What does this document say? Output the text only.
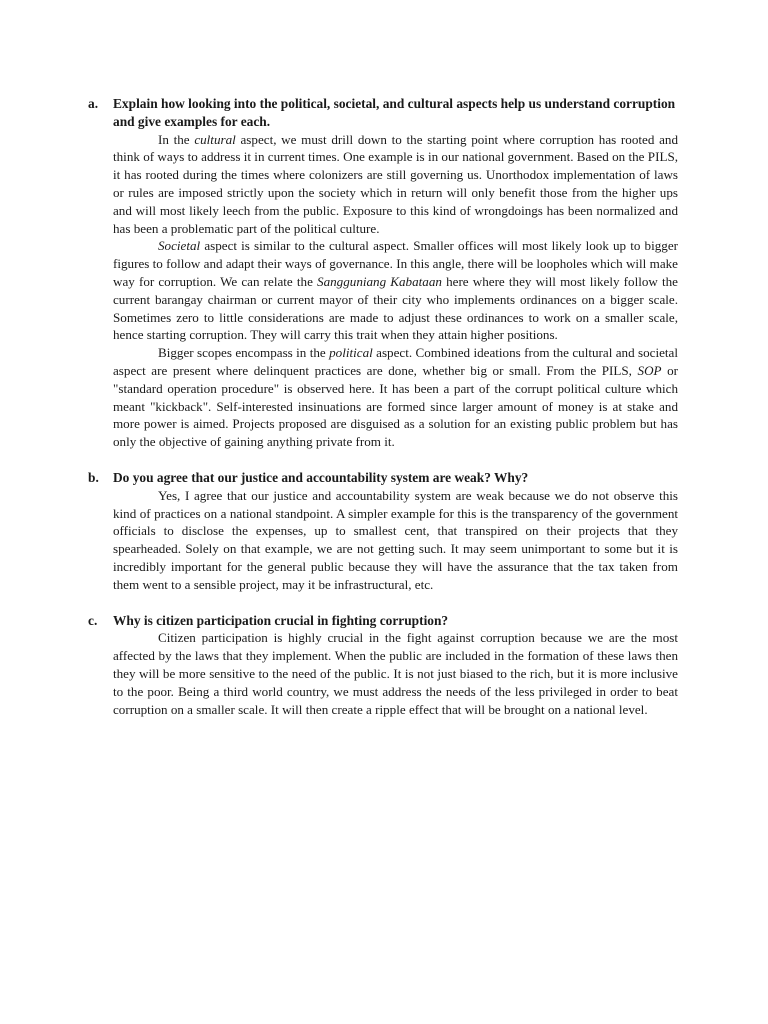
a.	Explain how looking into the political, societal, and cultural aspects help us understand corruption and give examples for each.

In the cultural aspect, we must drill down to the starting point where corruption has rooted and think of ways to address it in current times. One example is in our national government. Based on the PILS, it has rooted during the times where colonizers are still governing us. Unorthodox implementation of laws or rules are imposed strictly upon the society which in return will only benefit those from the higher ups and will most likely leech from the public. Exposure to this kind of wrongdoings has been normalized and has been a problematic part of the political culture.

Societal aspect is similar to the cultural aspect. Smaller offices will most likely look up to bigger figures to follow and adapt their ways of governance. In this angle, there will be loopholes which will make way for corruption. We can relate the Sangguniang Kabataan here where they will most likely follow the current barangay chairman or current mayor of their city who implements ordinances on a bigger scale. Sometimes zero to little considerations are made to adjust these ordinances to work on a smaller scale, hence starting corruption. They will carry this trait when they attain higher positions.

Bigger scopes encompass in the political aspect. Combined ideations from the cultural and societal aspect are present where delinquent practices are done, whether big or small. From the PILS, SOP or "standard operation procedure" is observed here. It has been a part of the corrupt political culture which meant "kickback". Self-interested insinuations are formed since larger amount of money is at stake and more power is aimed. Projects proposed are disguised as a solution for an existing public problem but has only the objective of gaining anything private from it.

b.	Do you agree that our justice and accountability system are weak? Why?

Yes, I agree that our justice and accountability system are weak because we do not observe this kind of practices on a national standpoint. A simpler example for this is the transparency of the government officials to disclose the expenses, up to smallest cent, that transpired on their projects that they spearheaded. Solely on that example, we are not getting such. It may seem unimportant to some but it is incredibly important for the general public because they will have the assurance that the tax taken from them went to a sensible project, may it be infrastructural, etc.

c.	Why is citizen participation crucial in fighting corruption?

Citizen participation is highly crucial in the fight against corruption because we are the most affected by the laws that they implement. When the public are included in the formation of these laws then they will be more sensitive to the need of the public. It is not just biased to the rich, but it is more inclusive to the poor. Being a third world country, we must address the needs of the less privileged in order to beat corruption on a smaller scale. It will then create a ripple effect that will be brought on a national level.
